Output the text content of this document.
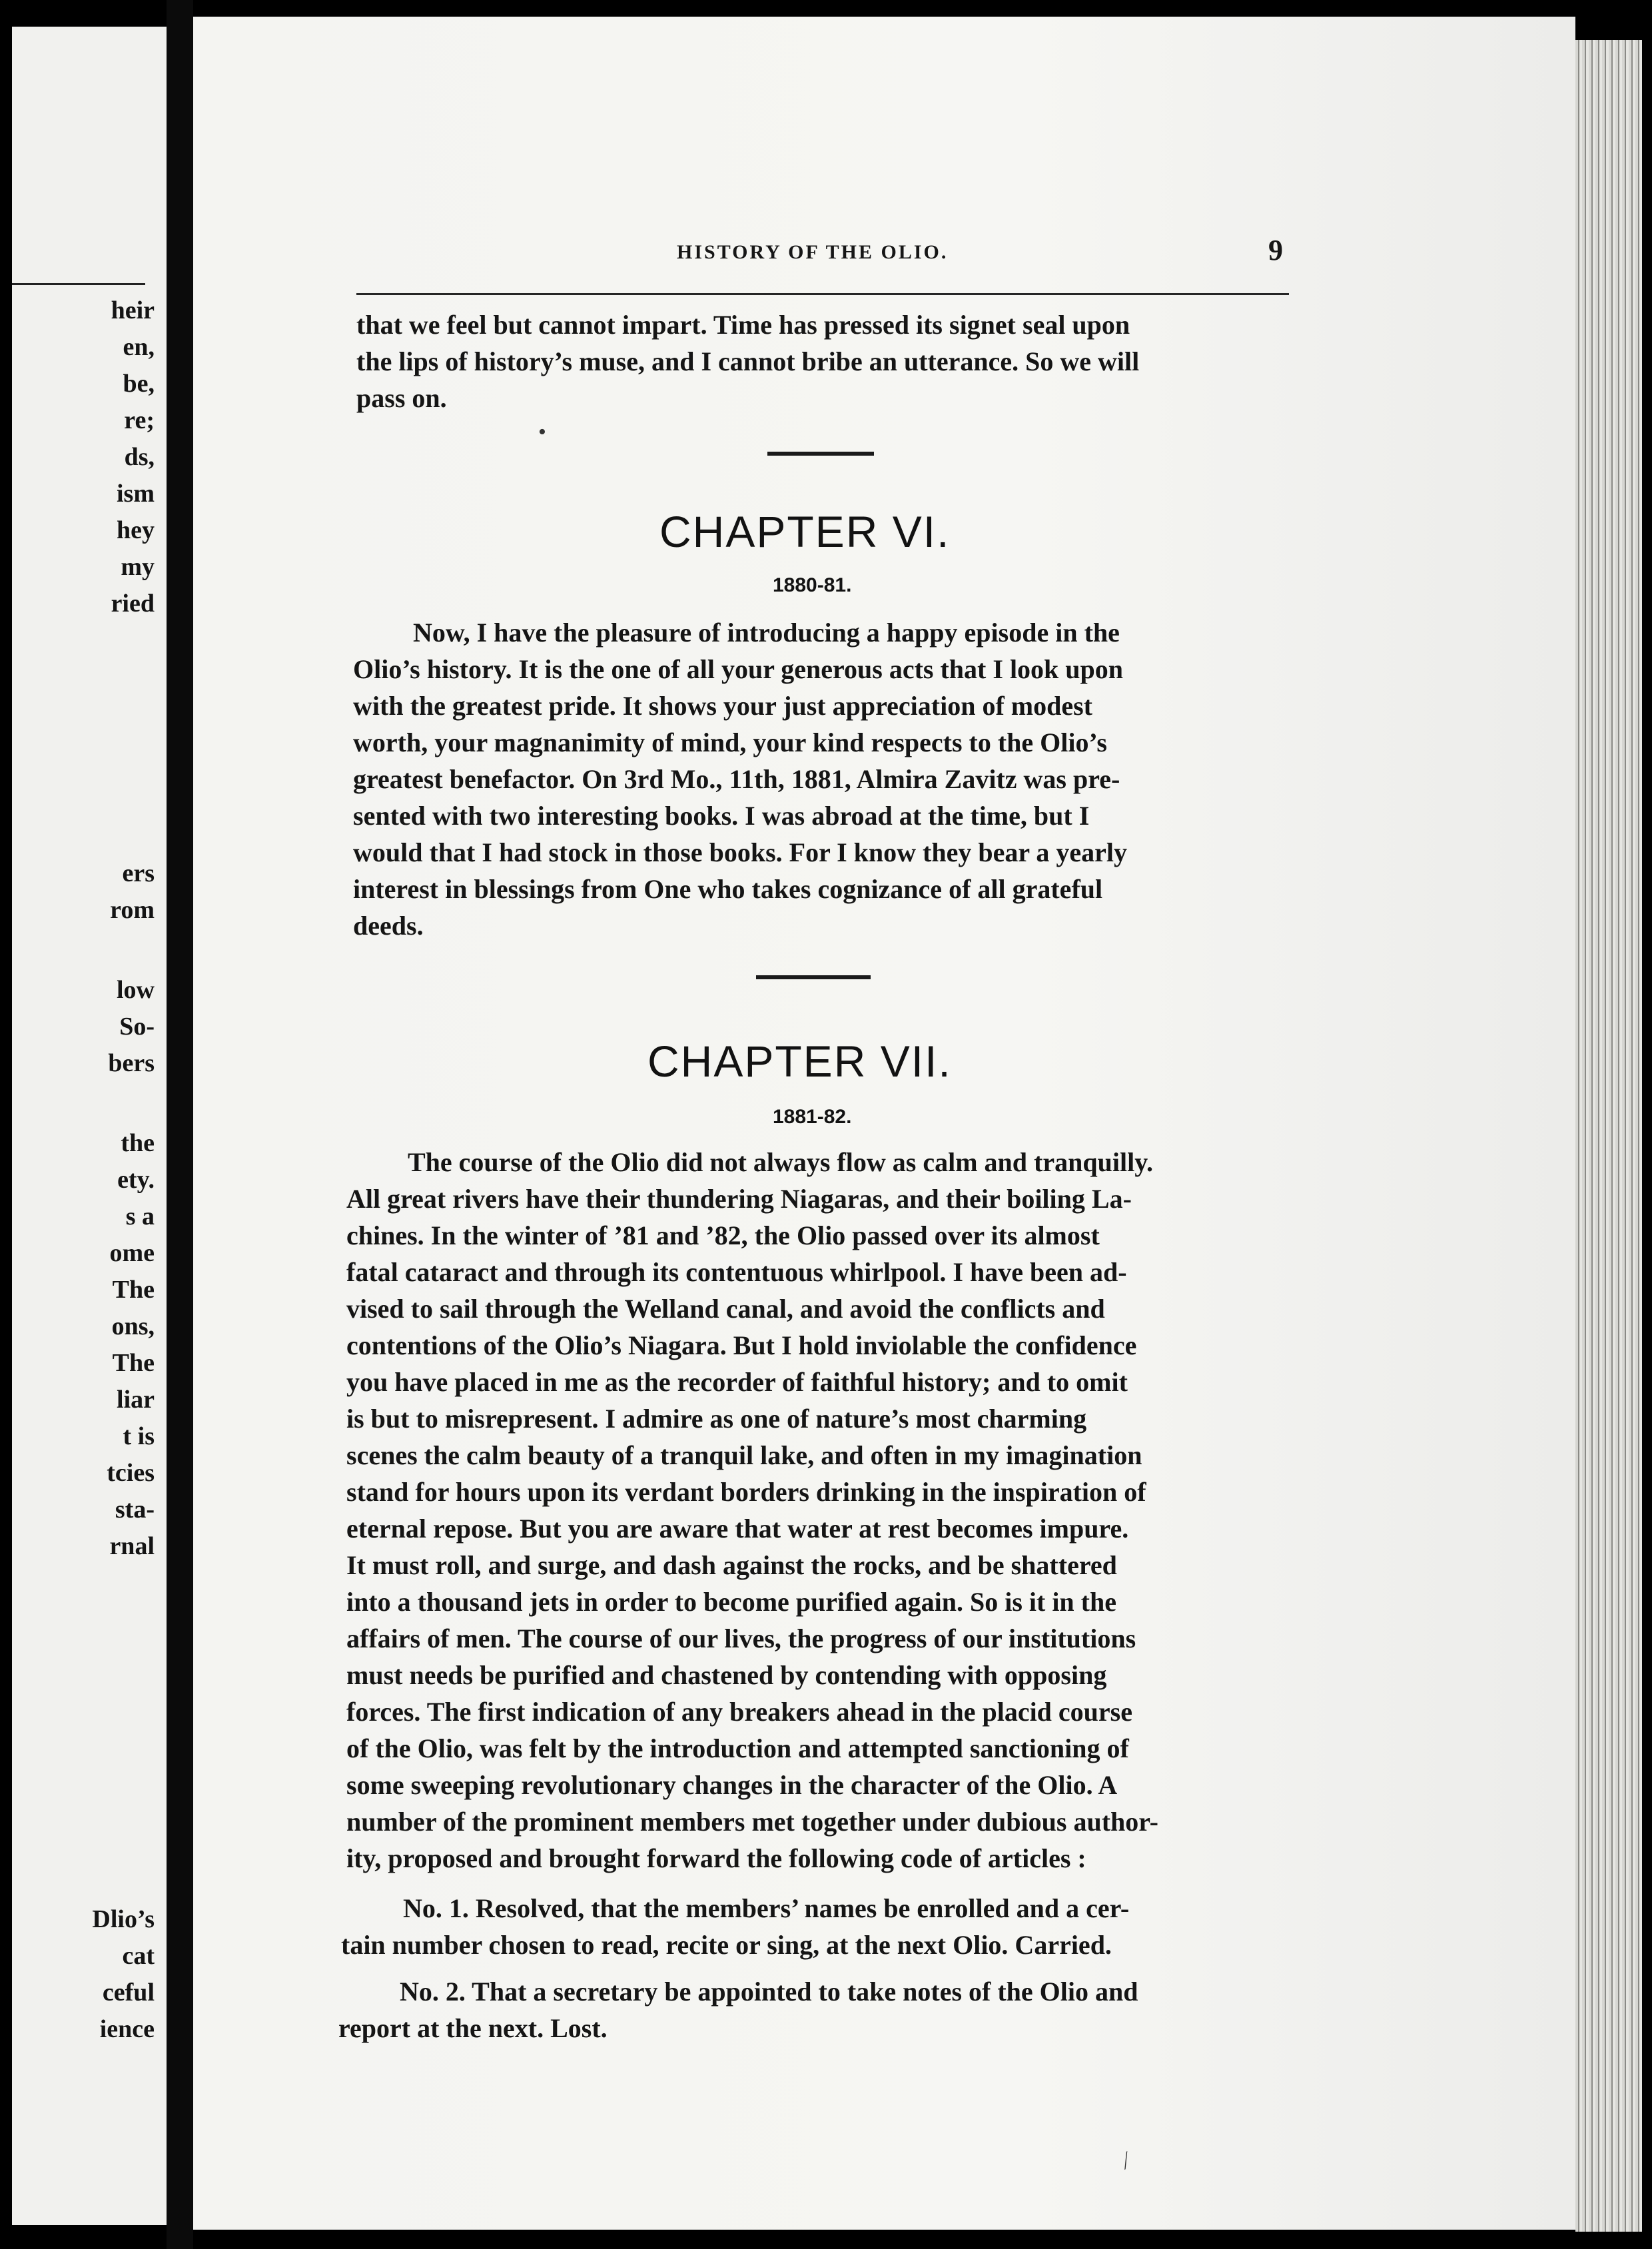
heir
en,
be,
re;
ds,
ism
hey
my
ried
ers
rom
low
So-
bers
the
ety.
s a
ome
The
ons,
The
liar
t is
tcies
sta-
rnal
Dlio’s
cat
ceful
ience
HISTORY OF THE OLIO.	9
that we feel but cannot impart. Time has pressed its signet seal upon
the lips of history’s muse, and I cannot bribe an utterance. So we will
pass on.
•
CHAPTER VI.
1880-81.
Now, I have the pleasure of introducing a happy episode in the
Olio’s history. It is the one of all your generous acts that I look upon
with the greatest pride. It shows your just appreciation of modest
worth, your magnanimity of mind, your kind respects to the Olio’s
greatest benefactor. On 3rd Mo., 11th, 1881, Almira Zavitz was pre-
sented with two interesting books. I was abroad at the time, but I
would that I had stock in those books. For I know they bear a yearly
interest in blessings from One who takes cognizance of all grateful
deeds.
CHAPTER VII.
1881-82.
The course of the Olio did not always flow as calm and tranquilly.
All great rivers have their thundering Niagaras, and their boiling La-
chines. In the winter of ’81 and ’82, the Olio passed over its almost
fatal cataract and through its contentuous whirlpool. I have been ad-
vised to sail through the Welland canal, and avoid the conflicts and
contentions of the Olio’s Niagara. But I hold inviolable the confidence
you have placed in me as the recorder of faithful history; and to omit
is but to misrepresent. I admire as one of nature’s most charming
scenes the calm beauty of a tranquil lake, and often in my imagination
stand for hours upon its verdant borders drinking in the inspiration of
eternal repose. But you are aware that water at rest becomes impure.
It must roll, and surge, and dash against the rocks, and be shattered
into a thousand jets in order to become purified again. So is it in the
affairs of men. The course of our lives, the progress of our institutions
must needs be purified and chastened by contending with opposing
forces. The first indication of any breakers ahead in the placid course
of the Olio, was felt by the introduction and attempted sanctioning of
some sweeping revolutionary changes in the character of the Olio. A
number of the prominent members met together under dubious author-
ity, proposed and brought forward the following code of articles :
No. 1. Resolved, that the members’ names be enrolled and a cer-
tain number chosen to read, recite or sing, at the next Olio. Carried.
No. 2. That a secretary be appointed to take notes of the Olio and
report at the next. Lost.
⁄
